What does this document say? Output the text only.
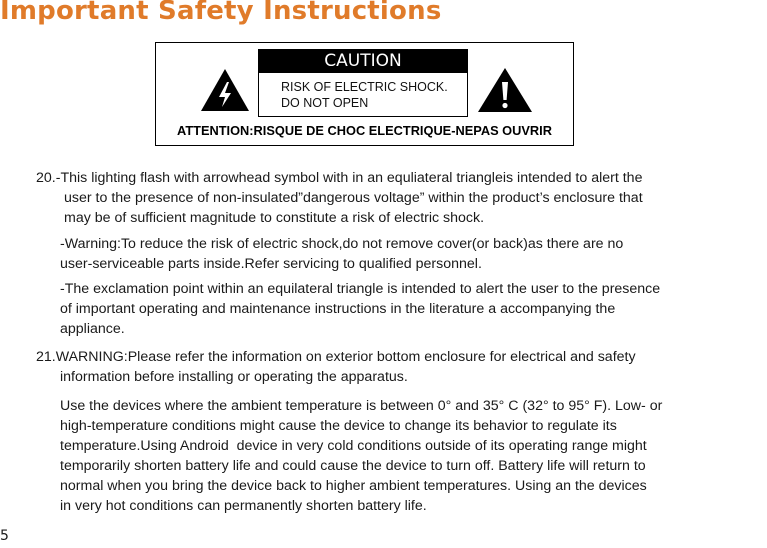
Important Safety Instructions
CAUTION
RISK OF ELECTRIC SHOCK.
DO NOT OPEN
ATTENTION:RISQUE DE CHOC ELECTRIQUE-NEPAS OUVRIR

20.-This lighting flash with arrowhead symbol with in an equliateral triangleis intended to alert the

user to the presence of non-insulated”dangerous voltage” within the product’s enclosure that

may be of sufficient magnitude to constitute a risk of electric shock.

-Warning:To reduce the risk of electric shock,do not remove cover(or back)as there are no

user-serviceable parts inside.Refer servicing to qualified personnel.

-The exclamation point within an equilateral triangle is intended to alert the user to the presence

of important operating and maintenance instructions in the literature a accompanying the

appliance.

21.WARNING:Please refer the information on exterior bottom enclosure for electrical and safety

information before installing or operating the apparatus.

Use the devices where the ambient temperature is between 0° and 35° C (32° to 95° F). Low- or

high-temperature conditions might cause the device to change its behavior to regulate its

temperature.Using Android  device in very cold conditions outside of its operating range might

temporarily shorten battery life and could cause the device to turn off. Battery life will return to

normal when you bring the device back to higher ambient temperatures. Using an the devices

in very hot conditions can permanently shorten battery life.

5
